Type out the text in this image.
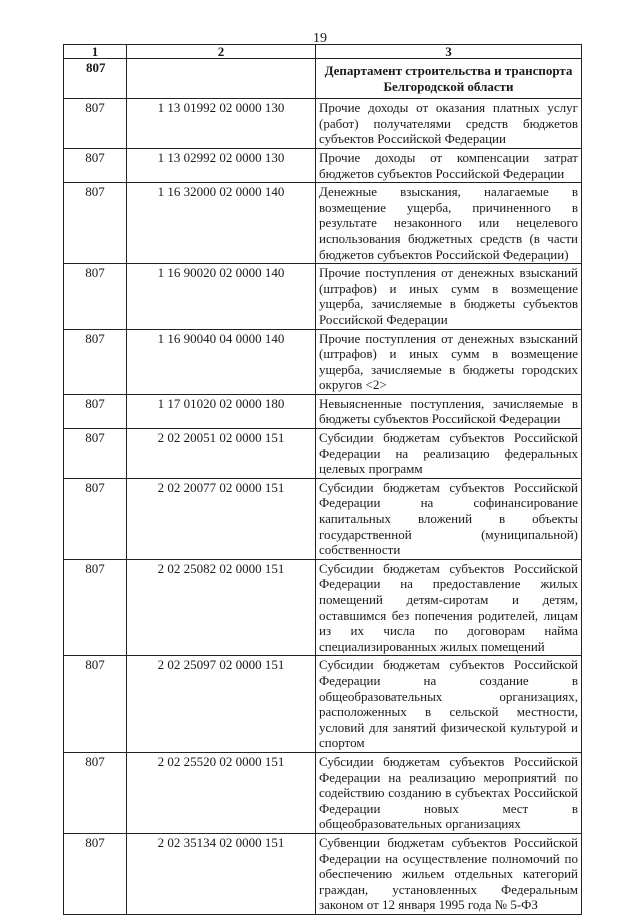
19
1	2	3
807		Департамент строительства и транспорта Белгородской области
807	1 13 01992 02 0000 130	Прочие доходы от оказания платных услуг (работ) получателями средств бюджетов субъектов Российской Федерации
807	1 13 02992 02 0000 130	Прочие доходы от компенсации затрат бюджетов субъектов Российской Федерации
807	1 16 32000 02 0000 140	Денежные взыскания, налагаемые в возмещение ущерба, причиненного в результате незаконного или нецелевого использования бюджетных средств (в части бюджетов субъектов Российской Федерации)
807	1 16 90020 02 0000 140	Прочие поступления от денежных взысканий (штрафов) и иных сумм в возмещение ущерба, зачисляемые в бюджеты субъектов Российской Федерации
807	1 16 90040 04 0000 140	Прочие поступления от денежных взысканий (штрафов) и иных сумм в возмещение ущерба, зачисляемые в бюджеты городских округов <2>
807	1 17 01020 02 0000 180	Невыясненные поступления, зачисляемые в бюджеты субъектов Российской Федерации
807	2 02 20051 02 0000 151	Субсидии бюджетам субъектов Российской Федерации на реализацию федеральных целевых программ
807	2 02 20077 02 0000 151	Субсидии бюджетам субъектов Российской Федерации на софинансирование капитальных вложений в объекты государственной (муниципальной) собственности
807	2 02 25082 02 0000 151	Субсидии бюджетам субъектов Российской Федерации на предоставление жилых помещений детям-сиротам и детям, оставшимся без попечения родителей, лицам из их числа по договорам найма специализированных жилых помещений
807	2 02 25097 02 0000 151	Субсидии бюджетам субъектов Российской Федерации на создание в общеобразовательных организациях, расположенных в сельской местности, условий для занятий физической культурой и спортом
807	2 02 25520 02 0000 151	Субсидии бюджетам субъектов Российской Федерации на реализацию мероприятий по содействию созданию в субъектах Российской Федерации новых мест в общеобразовательных организациях
807	2 02 35134 02 0000 151	Субвенции бюджетам субъектов Российской Федерации на осуществление полномочий по обеспечению жильем отдельных категорий граждан, установленных Федеральным законом от 12 января 1995 года № 5-ФЗ
